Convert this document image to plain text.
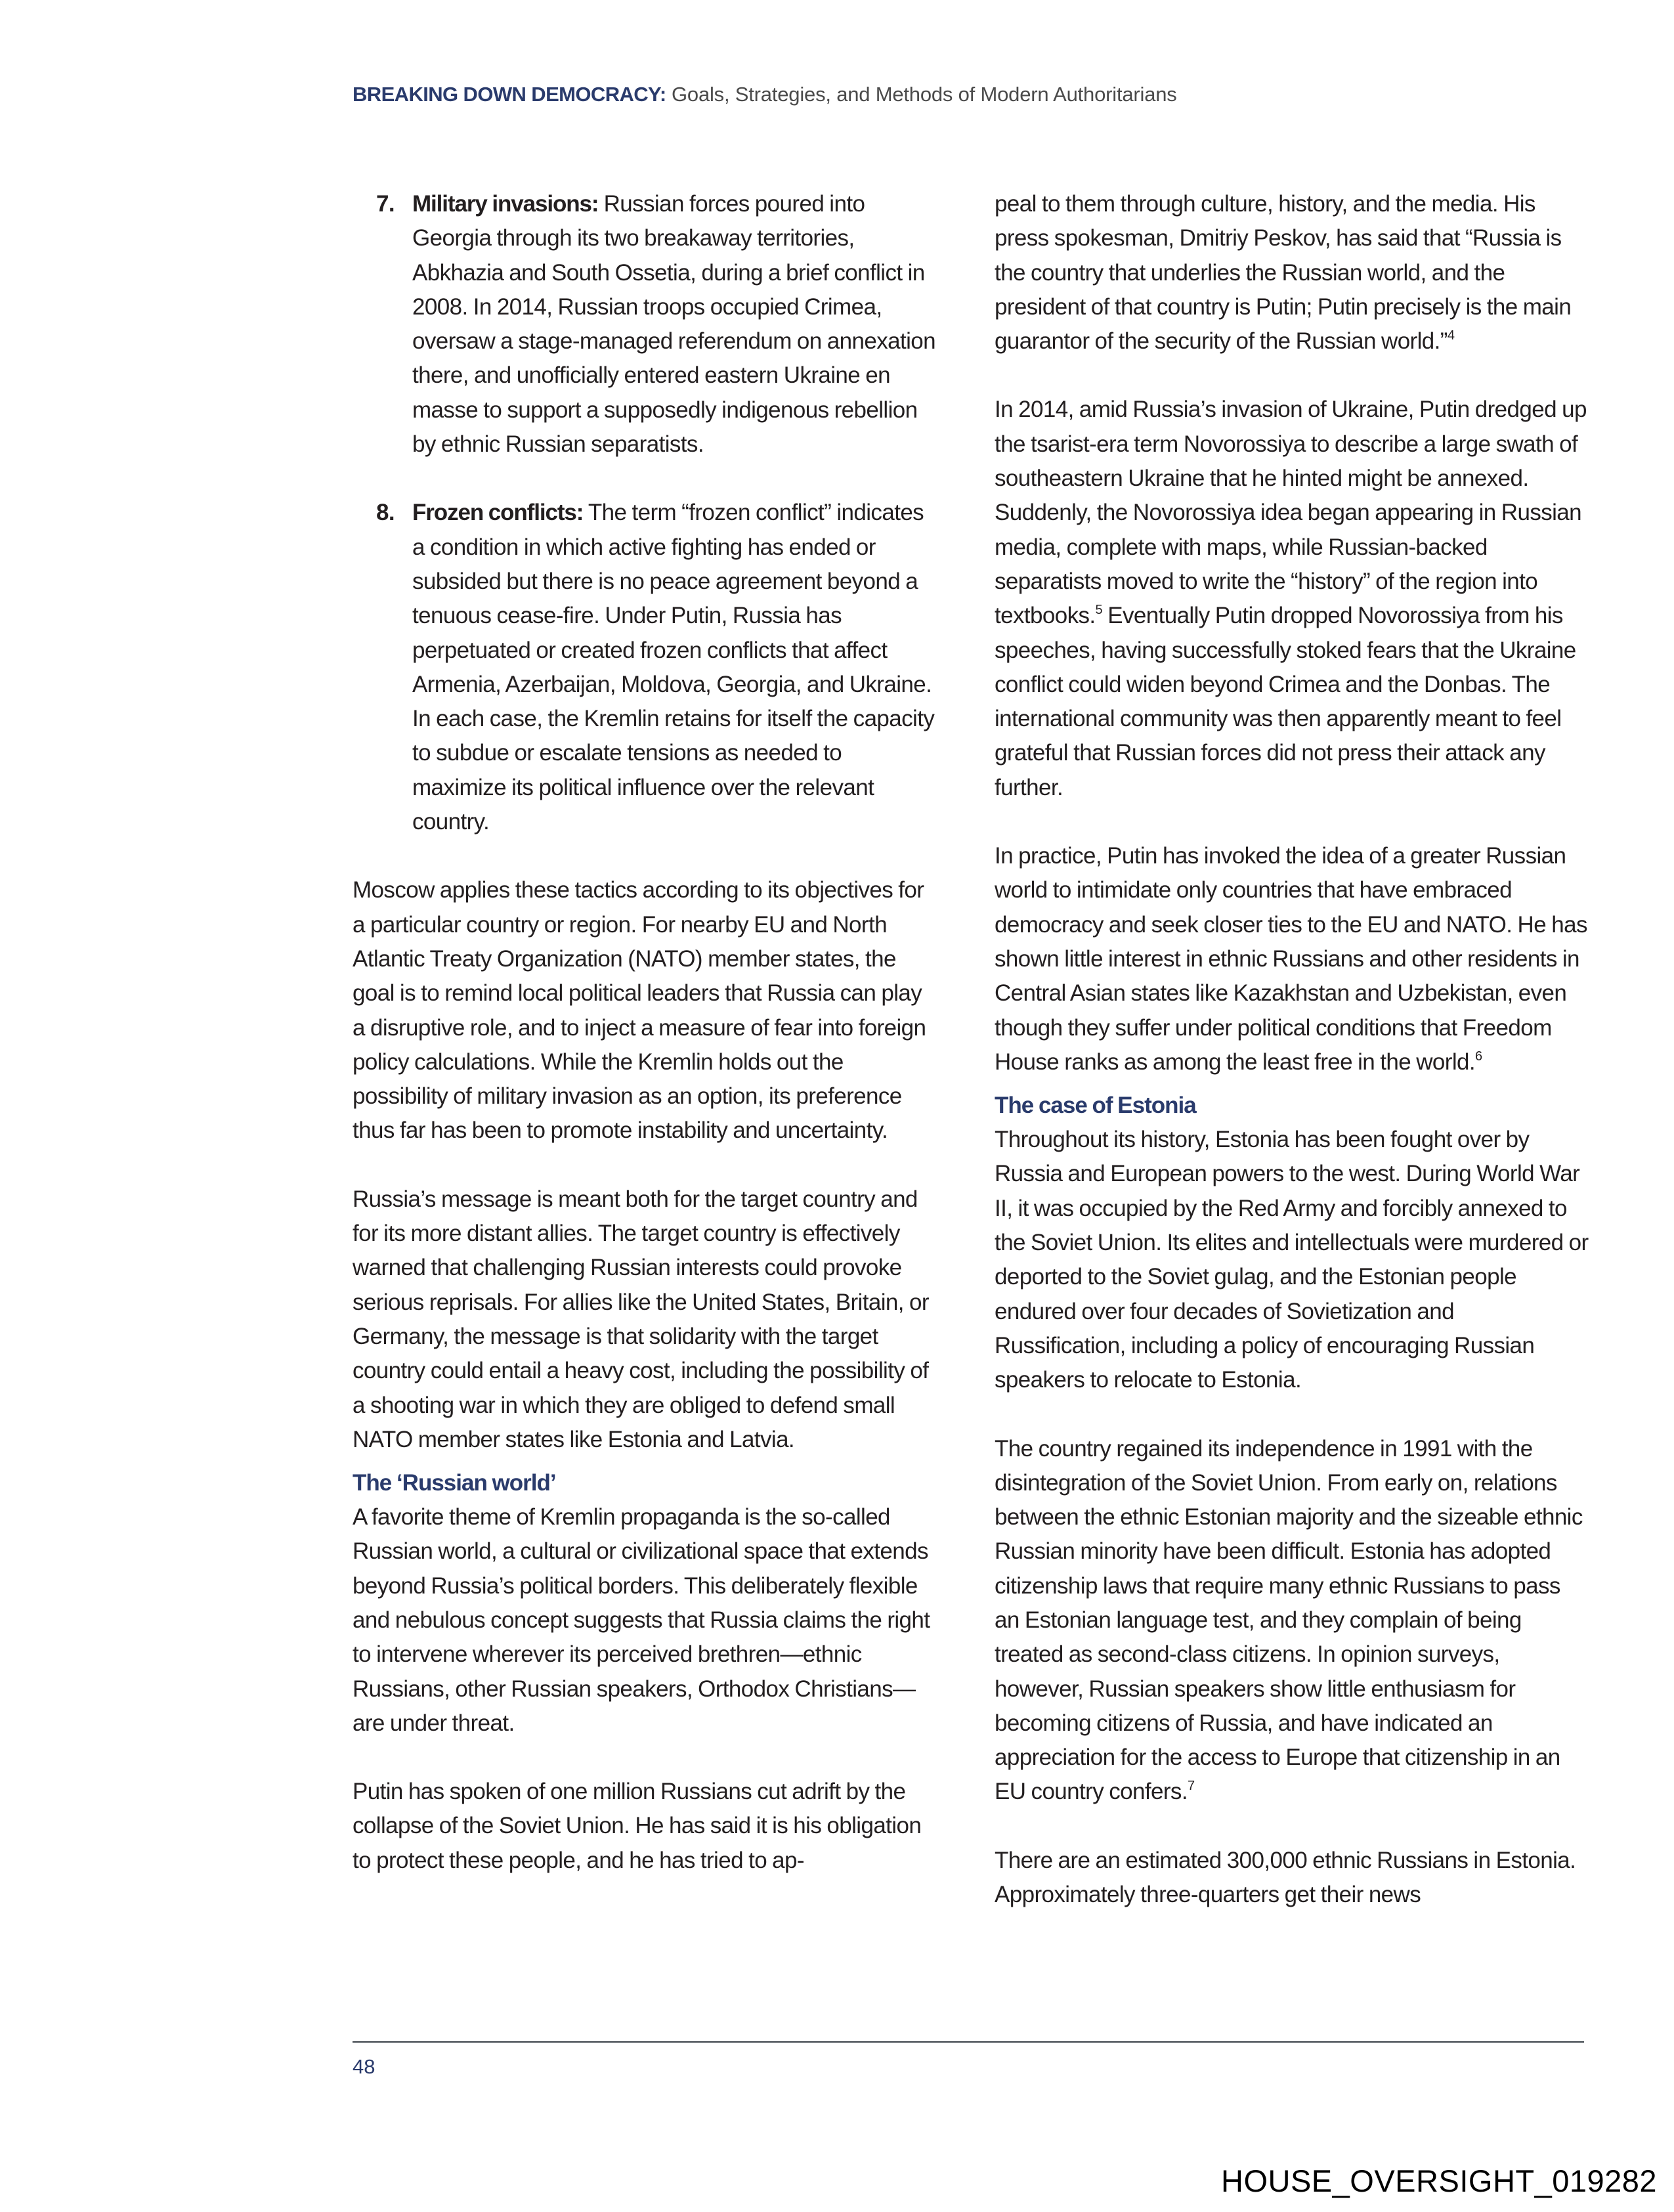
BREAKING DOWN DEMOCRACY: Goals, Strategies, and Methods of Modern Authoritarians
7. Military invasions: Russian forces poured into Georgia through its two breakaway territories, Abkhazia and South Ossetia, during a brief conflict in 2008. In 2014, Russian troops occupied Crimea, oversaw a stage-managed referendum on annexation there, and unofficially entered eastern Ukraine en masse to support a supposedly indigenous rebellion by ethnic Russian separatists.
8. Frozen conflicts: The term “frozen conflict” indicates a condition in which active fighting has ended or subsided but there is no peace agreement beyond a tenuous cease-fire. Under Putin, Russia has perpetuated or created frozen conflicts that affect Armenia, Azerbaijan, Moldova, Georgia, and Ukraine. In each case, the Kremlin retains for itself the capacity to subdue or escalate tensions as needed to maximize its political influence over the relevant country.

Moscow applies these tactics according to its objectives for a particular country or region. For nearby EU and North Atlantic Treaty Organization (NATO) member states, the goal is to remind local political leaders that Russia can play a disruptive role, and to inject a measure of fear into foreign policy calculations. While the Kremlin holds out the possibility of military invasion as an option, its preference thus far has been to promote instability and uncertainty.

Russia’s message is meant both for the target country and for its more distant allies. The target country is effectively warned that challenging Russian interests could provoke serious reprisals. For allies like the United States, Britain, or Germany, the message is that solidarity with the target country could entail a heavy cost, including the possibility of a shooting war in which they are obliged to defend small NATO member states like Estonia and Latvia.

The ‘Russian world’

A favorite theme of Kremlin propaganda is the so-called Russian world, a cultural or civilizational space that extends beyond Russia’s political borders. This deliberately flexible and nebulous concept suggests that Russia claims the right to intervene wherever its perceived brethren—ethnic Russians, other Russian speakers, Orthodox Christians—are under threat.

Putin has spoken of one million Russians cut adrift by the collapse of the Soviet Union. He has said it is his obligation to protect these people, and he has tried to ap-

peal to them through culture, history, and the media. His press spokesman, Dmitriy Peskov, has said that “Russia is the country that underlies the Russian world, and the president of that country is Putin; Putin precisely is the main guarantor of the security of the Russian world.”$^4$

In 2014, amid Russia’s invasion of Ukraine, Putin dredged up the tsarist-era term Novorossiya to describe a large swath of southeastern Ukraine that he hinted might be annexed. Suddenly, the Novorossiya idea began appearing in Russian media, complete with maps, while Russian-backed separatists moved to write the “history” of the region into textbooks.$^5$ Eventually Putin dropped Novorossiya from his speeches, having successfully stoked fears that the Ukraine conflict could widen beyond Crimea and the Donbas. The international community was then apparently meant to feel grateful that Russian forces did not press their attack any further.

In practice, Putin has invoked the idea of a greater Russian world to intimidate only countries that have embraced democracy and seek closer ties to the EU and NATO. He has shown little interest in ethnic Russians and other residents in Central Asian states like Kazakhstan and Uzbekistan, even though they suffer under political conditions that Freedom House ranks as among the least free in the world.$^6$

The case of Estonia

Throughout its history, Estonia has been fought over by Russia and European powers to the west. During World War II, it was occupied by the Red Army and forcibly annexed to the Soviet Union. Its elites and intellectuals were murdered or deported to the Soviet gulag, and the Estonian people endured over four decades of Sovietization and Russification, including a policy of encouraging Russian speakers to relocate to Estonia.

The country regained its independence in 1991 with the disintegration of the Soviet Union. From early on, relations between the ethnic Estonian majority and the sizeable ethnic Russian minority have been difficult. Estonia has adopted citizenship laws that require many ethnic Russians to pass an Estonian language test, and they complain of being treated as second-class citizens. In opinion surveys, however, Russian speakers show little enthusiasm for becoming citizens of Russia, and have indicated an appreciation for the access to Europe that citizenship in an EU country confers.$^7$

There are an estimated 300,000 ethnic Russians in Estonia. Approximately three-quarters get their news

48
HOUSE_OVERSIGHT_019282
